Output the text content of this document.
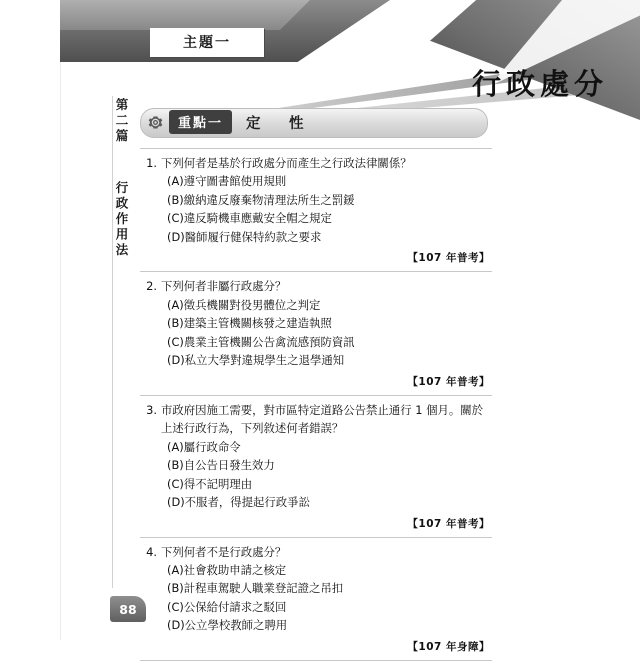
主題一
行政處分
第二篇 行政作用法
重點一	定　性
1. 下列何者是基於行政處分而產生之行政法律關係？
(A)遵守圖書館使用規則
(B)繳納違反廢棄物清理法所生之罰鍰
(C)違反騎機車應戴安全帽之規定
(D)醫師履行健保特約款之要求
【107 年普考】
2. 下列何者非屬行政處分？
(A)徵兵機關對役男體位之判定
(B)建築主管機關核發之建造執照
(C)農業主管機關公告禽流感預防資訊
(D)私立大學對違規學生之退學通知
【107 年普考】
3. 市政府因施工需要，對市區特定道路公告禁止通行 1 個月。關於上述行政行為，下列敘述何者錯誤？
(A)屬行政命令
(B)自公告日發生效力
(C)得不記明理由
(D)不服者，得提起行政爭訟
【107 年普考】
4. 下列何者不是行政處分？
(A)社會救助申請之核定
(B)計程車駕駛人職業登記證之吊扣
(C)公保給付請求之駁回
(D)公立學校教師之聘用
【107 年身障】
88
